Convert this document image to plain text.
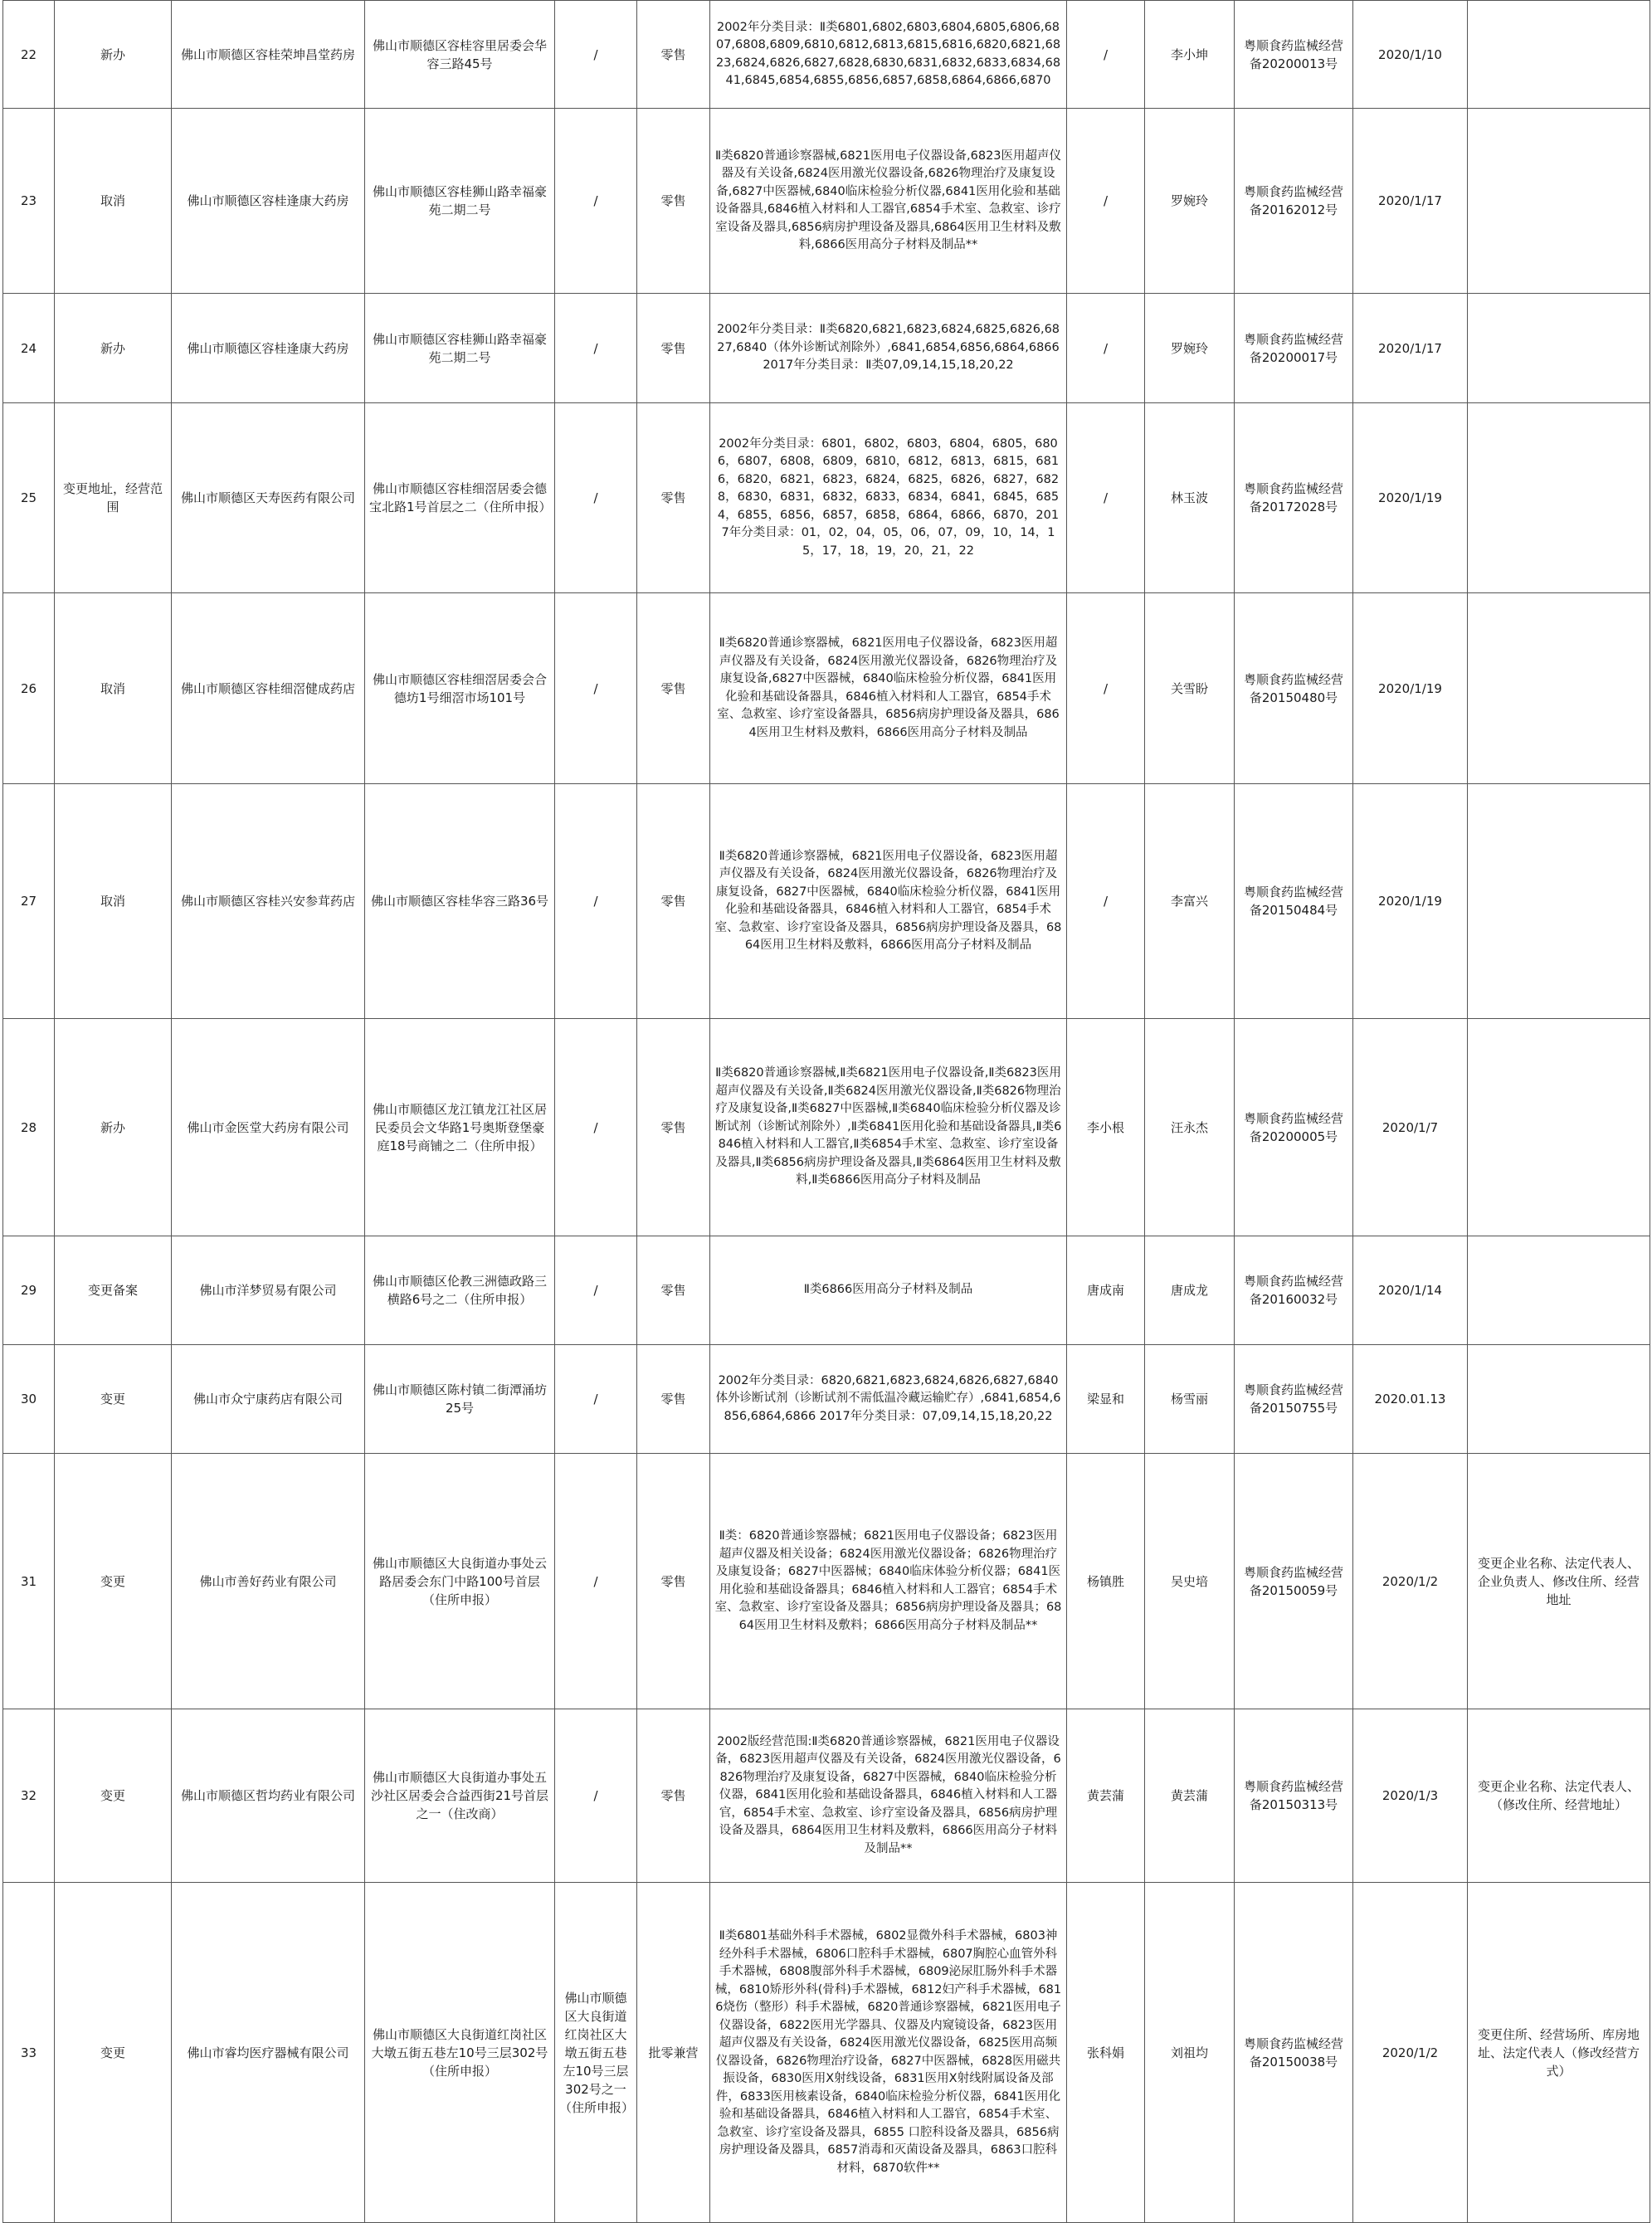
22	新办	佛山市顺德区容桂荣坤昌堂药房	佛山市顺德区容桂容里居委会华容三路45号	/	零售	2002年分类目录：Ⅱ类6801,6802,6803,6804,6805,6806,6807,6808,6809,6810,6812,6813,6815,6816,6820,6821,6823,6824,6826,6827,6828,6830,6831,6832,6833,6834,6841,6845,6854,6855,6856,6857,6858,6864,6866,6870	/	李小坤	粤顺食药监械经营备20200013号	2020/1/10	
23	取消	佛山市顺德区容桂逢康大药房	佛山市顺德区容桂狮山路幸福豪苑二期二号	/	零售	Ⅱ类6820普通诊察器械,6821医用电子仪器设备,6823医用超声仪器及有关设备,6824医用激光仪器设备,6826物理治疗及康复设备,6827中医器械,6840临床检验分析仪器,6841医用化验和基础设备器具,6846植入材料和人工器官,6854手术室、急救室、诊疗室设备及器具,6856病房护理设备及器具,6864医用卫生材料及敷料,6866医用高分子材料及制品**	/	罗婉玲	粤顺食药监械经营备20162012号	2020/1/17	
24	新办	佛山市顺德区容桂逢康大药房	佛山市顺德区容桂狮山路幸福豪苑二期二号	/	零售	2002年分类目录：Ⅱ类6820,6821,6823,6824,6825,6826,6827,6840（体外诊断试剂除外）,6841,6854,6856,6864,6866　　2017年分类目录：Ⅱ类07,09,14,15,18,20,22	/	罗婉玲	粤顺食药监械经营备20200017号	2020/1/17	
25	变更地址，经营范围	佛山市顺德区天寿医药有限公司	佛山市顺德区容桂细滘居委会德宝北路1号首层之二（住所申报）	/	零售	2002年分类目录：6801，6802，6803，6804，6805，6806，6807，6808，6809，6810，6812，6813，6815，6816，6820，6821，6823，6824，6825，6826，6827，6828，6830，6831，6832，6833，6834，6841，6845，6854，6855，6856，6857，6858，6864，6866，6870，2017年分类目录：01，02，04，05，06，07，09，10，14，15，17，18，19，20，21，22	/	林玉波	粤顺食药监械经营备20172028号	2020/1/19	
26	取消	佛山市顺德区容桂细滘健成药店	佛山市顺德区容桂细滘居委会合德坊1号细滘市场101号	/	零售	Ⅱ类6820普通诊察器械，6821医用电子仪器设备，6823医用超声仪器及有关设备，6824医用激光仪器设备，6826物理治疗及康复设备,6827中医器械，6840临床检验分析仪器，6841医用化验和基础设备器具，6846植入材料和人工器官，6854手术室、急救室、诊疗室设备器具，6856病房护理设备及器具，6864医用卫生材料及敷料，6866医用高分子材料及制品	/	关雪盼	粤顺食药监械经营备20150480号	2020/1/19	
27	取消	佛山市顺德区容桂兴安参茸药店	佛山市顺德区容桂华容三路36号	/	零售	Ⅱ类6820普通诊察器械，6821医用电子仪器设备，6823医用超声仪器及有关设备，6824医用激光仪器设备，6826物理治疗及康复设备，6827中医器械，6840临床检验分析仪器，6841医用化验和基础设备器具，6846植入材料和人工器官，6854手术室、急救室、诊疗室设备及器具，6856病房护理设备及器具，6864医用卫生材料及敷料，6866医用高分子材料及制品	/	李富兴	粤顺食药监械经营备20150484号	2020/1/19	
28	新办	佛山市金医堂大药房有限公司	佛山市顺德区龙江镇龙江社区居民委员会文华路1号奥斯登堡豪庭18号商铺之二（住所申报）	/	零售	Ⅱ类6820普通诊察器械,Ⅱ类6821医用电子仪器设备,Ⅱ类6823医用超声仪器及有关设备,Ⅱ类6824医用激光仪器设备,Ⅱ类6826物理治疗及康复设备,Ⅱ类6827中医器械,Ⅱ类6840临床检验分析仪器及诊断试剂（诊断试剂除外）,Ⅱ类6841医用化验和基础设备器具,Ⅱ类6846植入材料和人工器官,Ⅱ类6854手术室、急救室、诊疗室设备及器具,Ⅱ类6856病房护理设备及器具,Ⅱ类6864医用卫生材料及敷料,Ⅱ类6866医用高分子材料及制品	李小根	汪永杰	粤顺食药监械经营备20200005号	2020/1/7	
29	变更备案	佛山市洋梦贸易有限公司	佛山市顺德区伦教三洲德政路三横路6号之二（住所申报）	/	零售	Ⅱ类6866医用高分子材料及制品	唐成南	唐成龙	粤顺食药监械经营备20160032号	2020/1/14	
30	变更	佛山市众宁康药店有限公司	佛山市顺德区陈村镇二街潭涌坊25号	/	零售	2002年分类目录：6820,6821,6823,6824,6826,6827,6840体外诊断试剂（诊断试剂不需低温冷藏运输贮存）,6841,6854,6856,6864,6866 2017年分类目录：07,09,14,15,18,20,22	梁显和	杨雪丽	粤顺食药监械经营备20150755号	2020.01.13	
31	变更	佛山市善好药业有限公司	佛山市顺德区大良街道办事处云路居委会东门中路100号首层（住所申报）	/	零售	Ⅱ类：6820普通诊察器械；6821医用电子仪器设备；6823医用超声仪器及相关设备；6824医用激光仪器设备；6826物理治疗及康复设备；6827中医器械；6840临床体验分析仪器；6841医用化验和基础设备器具；6846植入材料和人工器官；6854手术室、急救室、诊疗室设备及器具；6856病房护理设备及器具；6864医用卫生材料及敷料；6866医用高分子材料及制品**	杨镇胜	吴史培	粤顺食药监械经营备20150059号	2020/1/2	变更企业名称、法定代表人、企业负责人、修改住所、经营地址
32	变更	佛山市顺德区哲均药业有限公司	佛山市顺德区大良街道办事处五沙社区居委会合益西街21号首层之一（住改商）	/	零售	2002版经营范围:Ⅱ类6820普通诊察器械，6821医用电子仪器设备，6823医用超声仪器及有关设备，6824医用激光仪器设备，6826物理治疗及康复设备，6827中医器械，6840临床检验分析仪器，6841医用化验和基础设备器具，6846植入材料和人工器官，6854手术室、急救室、诊疗室设备及器具，6856病房护理设备及器具，6864医用卫生材料及敷料，6866医用高分子材料及制品**	黄芸蒲	黄芸蒲	粤顺食药监械经营备20150313号	2020/1/3	变更企业名称、法定代表人、（修改住所、经营地址）
33	变更	佛山市睿均医疗器械有限公司	佛山市顺德区大良街道红岗社区大墩五街五巷左10号三层302号（住所申报）	佛山市顺德区大良街道红岗社区大墩五街五巷左10号三层302号之一（住所申报）	批零兼营	Ⅱ类6801基础外科手术器械，6802显微外科手术器械，6803神经外科手术器械，6806口腔科手术器械，6807胸腔心血管外科手术器械，6808腹部外科手术器械，6809泌尿肛肠外科手术器械，6810矫形外科(骨科)手术器械，6812妇产科手术器械，6816烧伤（整形）科手术器械，6820普通诊察器械，6821医用电子仪器设备，6822医用光学器具、仪器及内窥镜设备，6823医用超声仪器及有关设备，6824医用激光仪器设备，6825医用高频仪器设备，6826物理治疗设备，6827中医器械，6828医用磁共振设备，6830医用X射线设备，6831医用X射线附属设备及部件，6833医用核素设备，6840临床检验分析仪器，6841医用化验和基础设备器具，6846植入材料和人工器官，6854手术室、急救室、诊疗室设备及器具，6855 口腔科设备及器具，6856病房护理设备及器具，6857消毒和灭菌设备及器具，6863口腔科材料，6870软件**	张科娟	刘祖均	粤顺食药监械经营备20150038号	2020/1/2	变更住所、经营场所、库房地址、法定代表人（修改经营方式）
